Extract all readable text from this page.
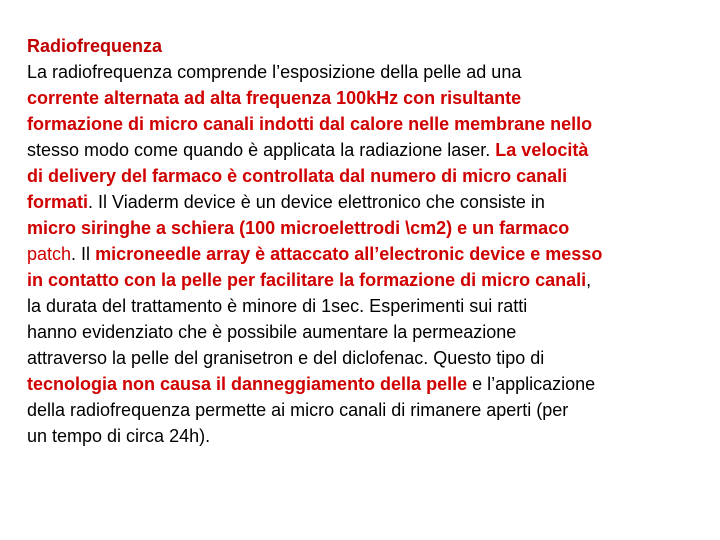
Radiofrequenza
La radiofrequenza comprende l’esposizione della pelle ad una
corrente alternata ad alta frequenza 100kHz con risultante
formazione di micro canali indotti dal calore nelle membrane nello
stesso modo come quando è applicata la radiazione laser. La velocità
di delivery del farmaco è controllata dal numero di micro canali
formati. Il Viaderm device è un device elettronico che consiste in
micro siringhe a schiera (100 microelettrodi \cm2) e un farmaco
patch. Il microneedle array è attaccato all’electronic device e messo
in contatto con la pelle per facilitare la formazione di micro canali,
la durata del trattamento è minore di 1sec. Esperimenti sui ratti
hanno evidenziato che è possibile aumentare la permeazione
attraverso la pelle del granisetron e del diclofenac. Questo tipo di
tecnologia non causa il danneggiamento della pelle e l’applicazione
della radiofrequenza permette ai micro canali di rimanere aperti (per
un tempo di circa 24h).
